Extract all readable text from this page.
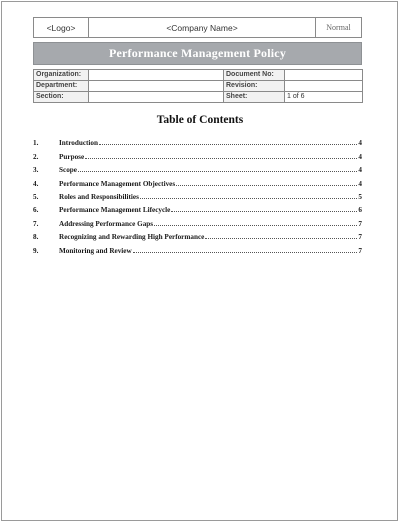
<Logo>	<Company Name>	Normal
Performance Management Policy
Organization:		Document No:	
Department:		Revision:	
Section:		Sheet:	1 of 6
Table of Contents
1.	Introduction	4
2.	Purpose	4
3.	Scope	4
4.	Performance Management Objectives	4
5.	Roles and Responsibilities	5
6.	Performance Management Lifecycle	6
7.	Addressing Performance Gaps	7
8.	Recognizing and Rewarding High Performance	7
9.	Monitoring and Review	7
